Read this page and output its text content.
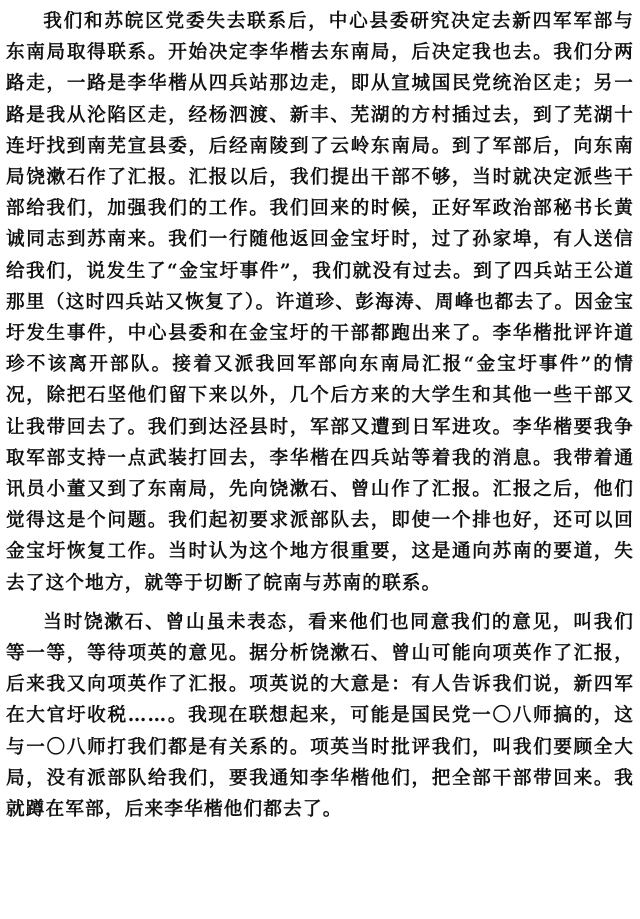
我们和苏皖区党委失去联系后，中心县委研究决定去新四军军部与东南局取得联系。开始决定李华楷去东南局，后决定我也去。我们分两路走，一路是李华楷从四兵站那边走，即从宣城国民党统治区走；另一路是我从沦陷区走，经杨泗渡、新丰、芜湖的方村插过去，到了芜湖十连圩找到南芜宣县委，后经南陵到了云岭东南局。到了军部后，向东南局饶漱石作了汇报。汇报以后，我们提出干部不够，当时就决定派些干部给我们，加强我们的工作。我们回来的时候，正好军政治部秘书长黄诚同志到苏南来。我们一行随他返回金宝圩时，过了孙家埠，有人送信给我们，说发生了“金宝圩事件”，我们就没有过去。到了四兵站王公道那里（这时四兵站又恢复了）。许道珍、彭海涛、周峰也都去了。因金宝圩发生事件，中心县委和在金宝圩的干部都跑出来了。李华楷批评许道珍不该离开部队。接着又派我回军部向东南局汇报“金宝圩事件”的情况，除把石坚他们留下来以外，几个后方来的大学生和其他一些干部又让我带回去了。我们到达泾县时，军部又遭到日军进攻。李华楷要我争取军部支持一点武装打回去，李华楷在四兵站等着我的消息。我带着通讯员小董又到了东南局，先向饶漱石、曾山作了汇报。汇报之后，他们觉得这是个问题。我们起初要求派部队去，即使一个排也好，还可以回金宝圩恢复工作。当时认为这个地方很重要，这是通向苏南的要道，失去了这个地方，就等于切断了皖南与苏南的联系。

当时饶漱石、曾山虽未表态，看来他们也同意我们的意见，叫我们等一等，等待项英的意见。据分析饶漱石、曾山可能向项英作了汇报，后来我又向项英作了汇报。项英说的大意是：有人告诉我们说，新四军在大官圩收税……。我现在联想起来，可能是国民党一〇八师搞的，这与一〇八师打我们都是有关系的。项英当时批评我们，叫我们要顾全大局，没有派部队给我们，要我通知李华楷他们，把全部干部带回来。我就蹲在军部，后来李华楷他们都去了。
